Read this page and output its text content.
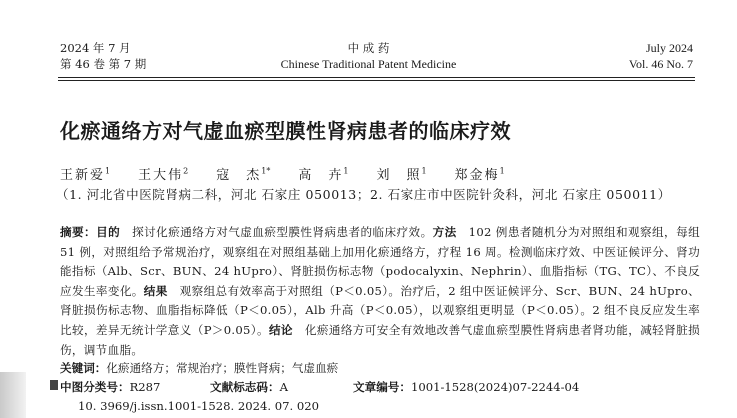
2024 年 7 月
第 46 卷 第 7 期
中 成 药
Chinese Traditional Patent Medicine
July 2024
Vol. 46 No. 7
化瘀通络方对气虚血瘀型膜性肾病患者的临床疗效
王新爱$^1$ 王大伟$^2$ 寇　杰$^{1*}$ 高　卉$^1$ 刘　照$^1$ 郑金梅$^1$
（1. 河北省中医院肾病二科，河北 石家庄 050013；2. 石家庄市中医院针灸科，河北 石家庄 050011）
摘要：目的　 探讨化瘀通络方对气虚血瘀型膜性肾病患者的临床疗效。方法　 102 例患者随机分为对照组和观察组，每组 51 例，对照组给予常规治疗，观察组在对照组基础上加用化瘀通络方，疗程 16 周。检测临床疗效、中医证候评分、肾功能指标（Alb、Scr、BUN、24 hUpro）、肾脏损伤标志物（podocalyxin、Nephrin）、血脂指标（TG、TC）、不良反应发生率变化。结果　 观察组总有效率高于对照组（P＜0.05）。治疗后，2 组中医证候评分、Scr、BUN、24 hUpro、肾脏损伤标志物、血脂指标降低（P＜0.05），Alb 升高（P＜0.05），以观察组更明显（P＜0.05）。2 组不良反应发生率比较，差异无统计学意义（P＞0.05）。结论　 化瘀通络方可安全有效地改善气虚血瘀型膜性肾病患者肾功能，减轻肾脏损伤，调节血脂。
关键词：化瘀通络方；常规治疗；膜性肾病；气虚血瘀
中图分类号：R287	文献标志码：A	文章编号：1001-1528(2024)07-2244-04
10. 3969/j.issn.1001-1528. 2024. 07. 020
